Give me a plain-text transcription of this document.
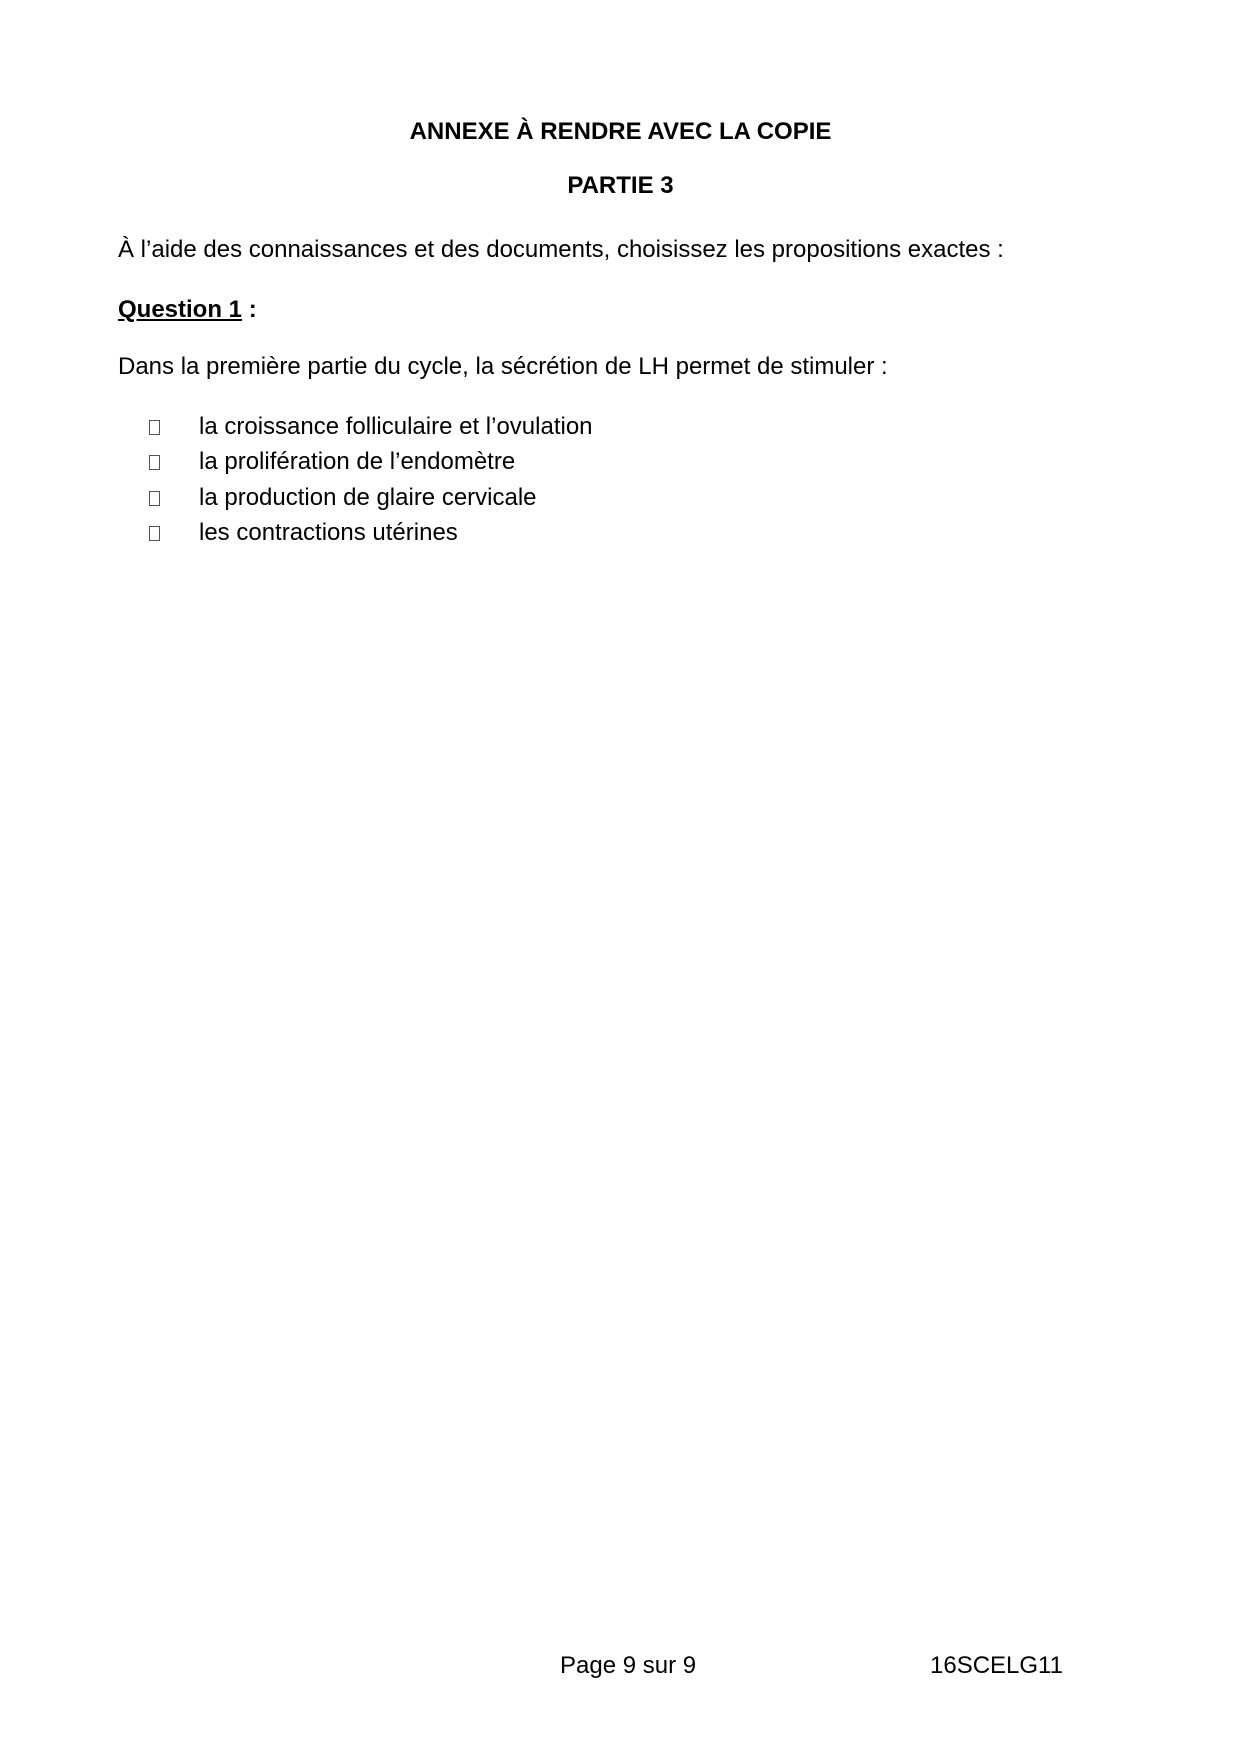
ANNEXE À RENDRE AVEC LA COPIE
PARTIE 3
À l’aide des connaissances et des documents, choisissez les propositions exactes :
Question 1 :
Dans la première partie du cycle, la sécrétion de LH permet de stimuler :
la croissance folliculaire et l’ovulation
la prolifération de l’endomètre
la production de glaire cervicale
les contractions utérines
Page 9 sur 9	16SCELG11
